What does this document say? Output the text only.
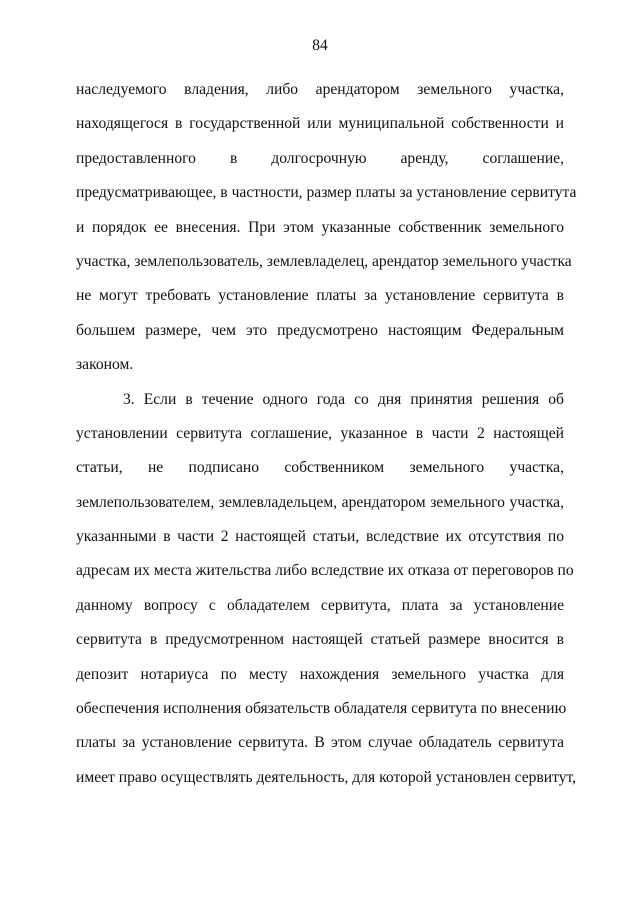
84
наследуемого владения, либо арендатором земельного участка,
находящегося в государственной или муниципальной собственности и
предоставленного в долгосрочную аренду, соглашение,
предусматривающее, в частности, размер платы за установление сервитута
и порядок ее внесения. При этом указанные собственник земельного
участка, землепользователь, землевладелец, арендатор земельного участка
не могут требовать установление платы за установление сервитута в
большем размере, чем это предусмотрено настоящим Федеральным
законом.
3. Если в течение одного года со дня принятия решения об
установлении сервитута соглашение, указанное в части 2 настоящей
статьи, не подписано собственником земельного участка,
землепользователем, землевладельцем, арендатором земельного участка,
указанными в части 2 настоящей статьи, вследствие их отсутствия по
адресам их места жительства либо вследствие их отказа от переговоров по
данному вопросу с обладателем сервитута, плата за установление
сервитута в предусмотренном настоящей статьей размере вносится в
депозит нотариуса по месту нахождения земельного участка для
обеспечения исполнения обязательств обладателя сервитута по внесению
платы за установление сервитута. В этом случае обладатель сервитута
имеет право осуществлять деятельность, для которой установлен сервитут,
